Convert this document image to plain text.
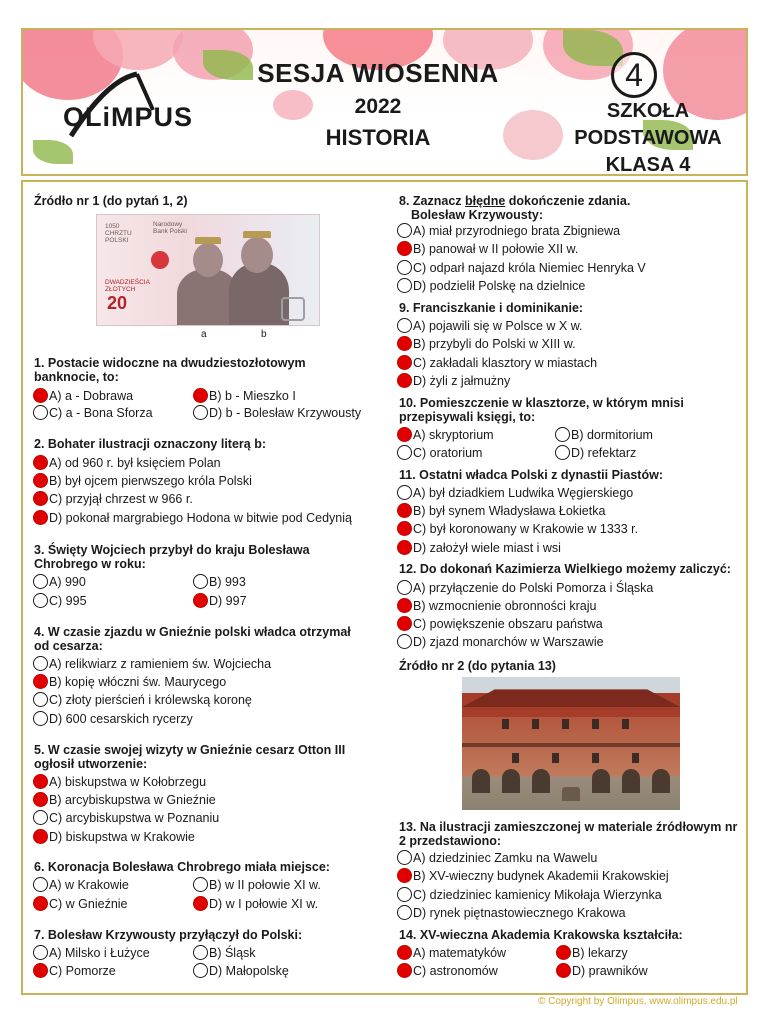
OLiMPUS
SESJA WIOSENNA
2022
HISTORIA
4
SZKOŁA
PODSTAWOWA
KLASA 4
Źródło nr 1 (do pytań 1, 2)
1050 CHRZTU POLSKI
Narodowy Bank Polski
DWADZIEŚCIA ZŁOTYCH
20
a	b
1. Postacie widoczne na dwudziestozłotowym banknocie, to:
A) a - Dobrawa	B) b - Mieszko I
C) a - Bona Sforza	D) b - Bolesław Krzywousty
2. Bohater ilustracji oznaczony literą b:
A) od 960 r. był księciem Polan
B) był ojcem pierwszego króla Polski
C) przyjął chrzest w 966 r.
D) pokonał margrabiego Hodona w bitwie pod Cedynią
3. Święty Wojciech przybył do kraju Bolesława Chrobrego w roku:
A) 990	B) 993
C) 995	D) 997
4. W czasie zjazdu w Gnieźnie polski władca otrzymał od cesarza:
A) relikwiarz z ramieniem św. Wojciecha
B) kopię włóczni św. Maurycego
C) złoty pierścień i królewską koronę
D) 600 cesarskich rycerzy
5. W czasie swojej wizyty w Gnieźnie cesarz Otton III ogłosił utworzenie:
A) biskupstwa w Kołobrzegu
B) arcybiskupstwa w Gnieźnie
C) arcybiskupstwa w Poznaniu
D) biskupstwa w Krakowie
6. Koronacja Bolesława Chrobrego miała miejsce:
A) w Krakowie	B) w II połowie XI w.
C) w Gnieźnie	D) w I połowie XI w.
7. Bolesław Krzywousty przyłączył do Polski:
A) Milsko i Łużyce	B) Śląsk
C) Pomorze	D) Małopolskę
8. Zaznacz błędne dokończenie zdania.
Bolesław Krzywousty:
A) miał przyrodniego brata Zbigniewa
B) panował w II połowie XII w.
C) odparł najazd króla Niemiec Henryka V
D) podzielił Polskę na dzielnice
9. Franciszkanie i dominikanie:
A) pojawili się w Polsce w X w.
B) przybyli do Polski w XIII w.
C) zakładali klasztory w miastach
D) żyli z jałmużny
10. Pomieszczenie w klasztorze, w którym mnisi przepisywali księgi, to:
A) skryptorium	B) dormitorium
C) oratorium	D) refektarz
11. Ostatni władca Polski z dynastii Piastów:
A) był dziadkiem Ludwika Węgierskiego
B) był synem Władysława Łokietka
C) był koronowany w Krakowie w 1333 r.
D) założył wiele miast i wsi
12. Do dokonań Kazimierza Wielkiego możemy zaliczyć:
A) przyłączenie do Polski Pomorza i Śląska
B) wzmocnienie obronności kraju
C) powiększenie obszaru państwa
D) zjazd monarchów w Warszawie
Źródło nr 2 (do pytania 13)
13. Na ilustracji zamieszczonej w materiale źródłowym nr 2 przedstawiono:
A) dziedziniec Zamku na Wawelu
B) XV-wieczny budynek Akademii Krakowskiej
C) dziedziniec kamienicy Mikołaja Wierzynka
D) rynek piętnastowiecznego Krakowa
14. XV-wieczna Akademia Krakowska kształciła:
A) matematyków	B) lekarzy
C) astronomów	D) prawników
© Copyright by Olimpus, www.olimpus.edu.pl
